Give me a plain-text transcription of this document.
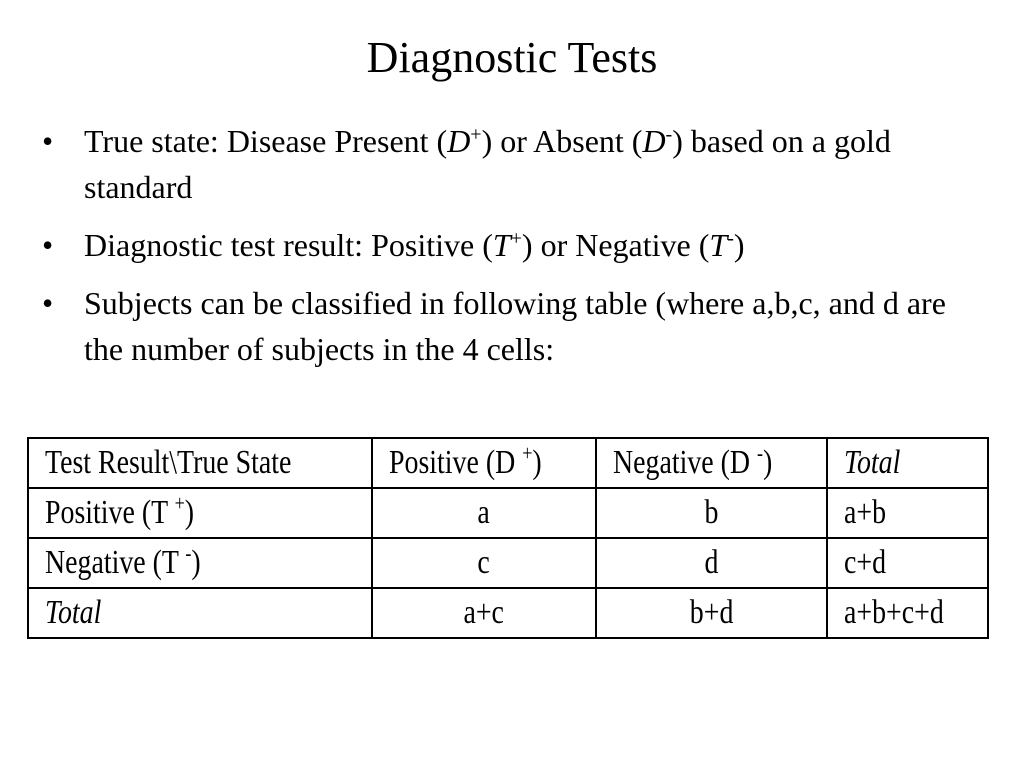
Diagnostic Tests
• True state: Disease Present (D+) or Absent (D-) based on a gold standard
• Diagnostic test result: Positive (T+) or Negative (T-)
• Subjects can be classified in following table (where a,b,c, and d are the number of subjects in the 4 cells:
Test Result\True State	Positive (D +)	Negative (D -)	Total
Positive (T +)	a	b	a+b
Negative (T -)	c	d	c+d
Total	a+c	b+d	a+b+c+d
